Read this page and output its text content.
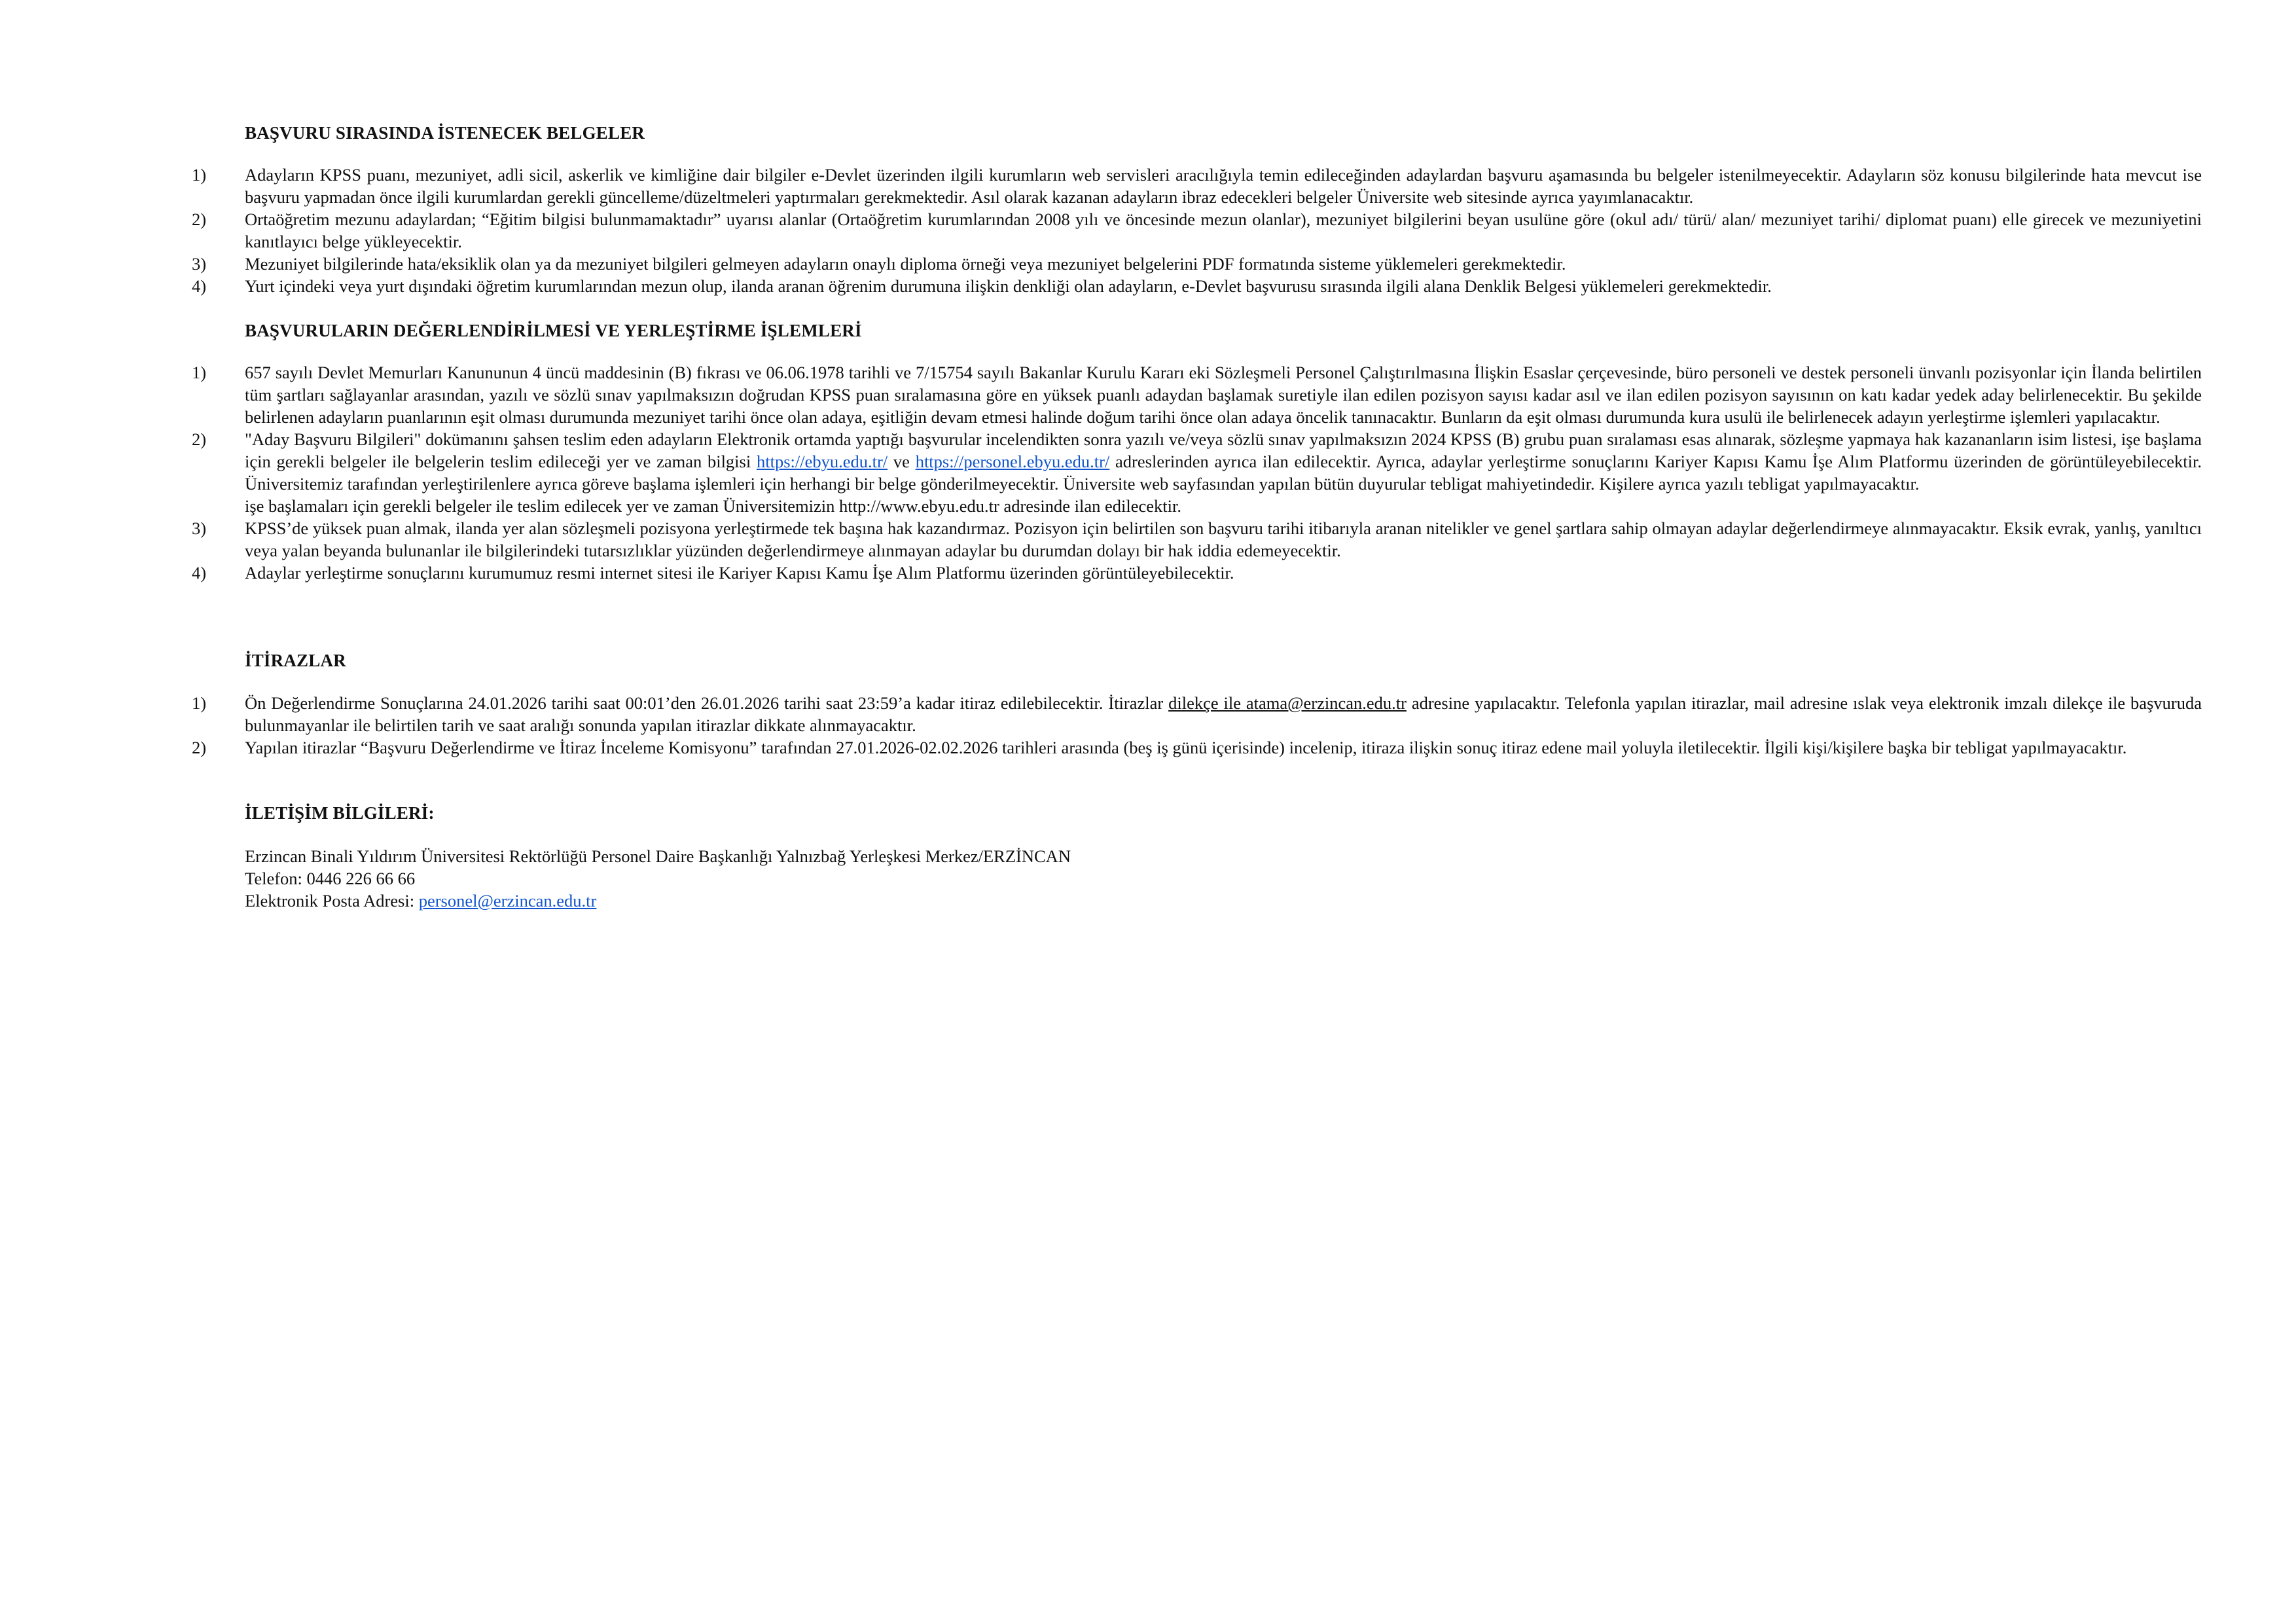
BAŞVURU SIRASINDA İSTENECEK BELGELER
1)	Adayların KPSS puanı, mezuniyet, adli sicil, askerlik ve kimliğine dair bilgiler e-Devlet üzerinden ilgili kurumların web servisleri aracılığıyla temin edileceğinden adaylardan başvuru aşamasında bu belgeler istenilmeyecektir. Adayların söz konusu bilgilerinde hata mevcut ise başvuru yapmadan önce ilgili kurumlardan gerekli güncelleme/düzeltmeleri yaptırmaları gerekmektedir. Asıl olarak kazanan adayların ibraz edecekleri belgeler Üniversite web sitesinde ayrıca yayımlanacaktır.
2)	Ortaöğretim mezunu adaylardan; “Eğitim bilgisi bulunmamaktadır” uyarısı alanlar (Ortaöğretim kurumlarından 2008 yılı ve öncesinde mezun olanlar), mezuniyet bilgilerini beyan usulüne göre (okul adı/ türü/ alan/ mezuniyet tarihi/ diplomat puanı) elle girecek ve mezuniyetini kanıtlayıcı belge yükleyecektir.
3)	Mezuniyet bilgilerinde hata/eksiklik olan ya da mezuniyet bilgileri gelmeyen adayların onaylı diploma örneği veya mezuniyet belgelerini PDF formatında sisteme yüklemeleri gerekmektedir.
4)	Yurt içindeki veya yurt dışındaki öğretim kurumlarından mezun olup, ilanda aranan öğrenim durumuna ilişkin denkliği olan adayların, e-Devlet başvurusu sırasında ilgili alana Denklik Belgesi yüklemeleri gerekmektedir.
BAŞVURULARIN DEĞERLENDİRİLMESİ VE YERLEŞTİRME İŞLEMLERİ
1)	657 sayılı Devlet Memurları Kanununun 4 üncü maddesinin (B) fıkrası ve 06.06.1978 tarihli ve 7/15754 sayılı Bakanlar Kurulu Kararı eki Sözleşmeli Personel Çalıştırılmasına İlişkin Esaslar çerçevesinde, büro personeli ve destek personeli ünvanlı pozisyonlar için İlanda belirtilen tüm şartları sağlayanlar arasından, yazılı ve sözlü sınav yapılmaksızın doğrudan KPSS puan sıralamasına göre en yüksek puanlı adaydan başlamak suretiyle ilan edilen pozisyon sayısı kadar asıl ve ilan edilen pozisyon sayısının on katı kadar yedek aday belirlenecektir. Bu şekilde belirlenen adayların puanlarının eşit olması durumunda mezuniyet tarihi önce olan adaya, eşitliğin devam etmesi halinde doğum tarihi önce olan adaya öncelik tanınacaktır. Bunların da eşit olması durumunda kura usulü ile belirlenecek adayın yerleştirme işlemleri yapılacaktır.
2)	"Aday Başvuru Bilgileri" dokümanını şahsen teslim eden adayların Elektronik ortamda yaptığı başvurular incelendikten sonra yazılı ve/veya sözlü sınav yapılmaksızın 2024 KPSS (B) grubu puan sıralaması esas alınarak, sözleşme yapmaya hak kazananların isim listesi, işe başlama için gerekli belgeler ile belgelerin teslim edileceği yer ve zaman bilgisi https://ebyu.edu.tr/ ve https://personel.ebyu.edu.tr/ adreslerinden ayrıca ilan edilecektir. Ayrıca, adaylar yerleştirme sonuçlarını Kariyer Kapısı Kamu İşe Alım Platformu üzerinden de görüntüleyebilecektir. Üniversitemiz tarafından yerleştirilenlere ayrıca göreve başlama işlemleri için herhangi bir belge gönderilmeyecektir. Üniversite web sayfasından yapılan bütün duyurular tebligat mahiyetindedir. Kişilere ayrıca yazılı tebligat yapılmayacaktır.
işe başlamaları için gerekli belgeler ile teslim edilecek yer ve zaman Üniversitemizin http://www.ebyu.edu.tr adresinde ilan edilecektir.
3)	KPSS’de yüksek puan almak, ilanda yer alan sözleşmeli pozisyona yerleştirmede tek başına hak kazandırmaz. Pozisyon için belirtilen son başvuru tarihi itibarıyla aranan nitelikler ve genel şartlara sahip olmayan adaylar değerlendirmeye alınmayacaktır. Eksik evrak, yanlış, yanıltıcı veya yalan beyanda bulunanlar ile bilgilerindeki tutarsızlıklar yüzünden değerlendirmeye alınmayan adaylar bu durumdan dolayı bir hak iddia edemeyecektir.
4)	Adaylar yerleştirme sonuçlarını kurumumuz resmi internet sitesi ile Kariyer Kapısı Kamu İşe Alım Platformu üzerinden görüntüleyebilecektir.
İTİRAZLAR
1)	Ön Değerlendirme Sonuçlarına 24.01.2026 tarihi saat 00:01’den 26.01.2026 tarihi saat 23:59’a kadar itiraz edilebilecektir. İtirazlar dilekçe ile atama@erzincan.edu.tr adresine yapılacaktır. Telefonla yapılan itirazlar, mail adresine ıslak veya elektronik imzalı dilekçe ile başvuruda bulunmayanlar ile belirtilen tarih ve saat aralığı sonunda yapılan itirazlar dikkate alınmayacaktır.
2)	Yapılan itirazlar “Başvuru Değerlendirme ve İtiraz İnceleme Komisyonu” tarafından 27.01.2026-02.02.2026 tarihleri arasında (beş iş günü içerisinde) incelenip, itiraza ilişkin sonuç itiraz edene mail yoluyla iletilecektir. İlgili kişi/kişilere başka bir tebligat yapılmayacaktır.
İLETİŞİM BİLGİLERİ:
Erzincan Binali Yıldırım Üniversitesi Rektörlüğü Personel Daire Başkanlığı Yalnızbağ Yerleşkesi Merkez/ERZİNCAN
Telefon: 0446 226 66 66
Elektronik Posta Adresi: personel@erzincan.edu.tr
